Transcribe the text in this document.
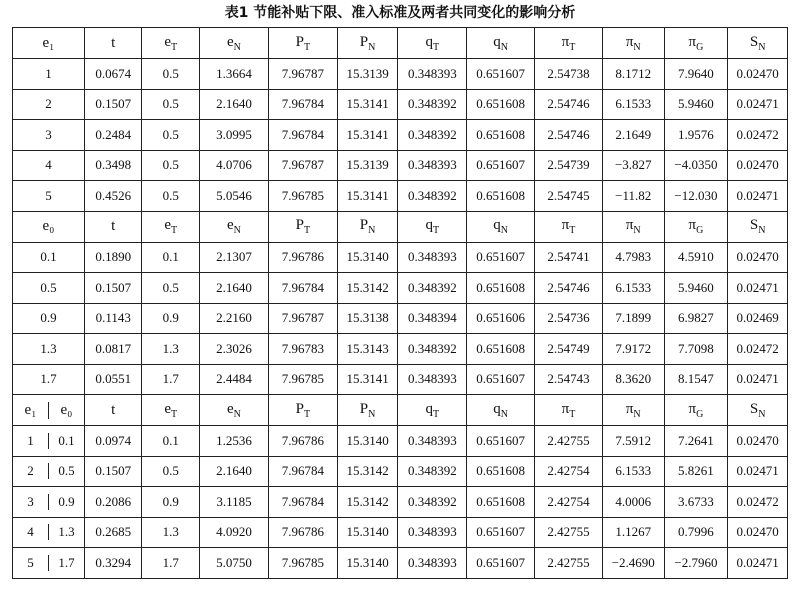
表1 节能补贴下限、准入标准及两者共同变化的影响分析
e₁	t	$e_T$	$e_N$	$P_T$	$P_N$	$q_T$	$q_N$	$\pi_T$	$\pi_N$	$\pi_G$	$S_N$
1	0.0674	0.5	1.3664	7.96787	15.3139	0.348393	0.651607	2.54738	8.1712	7.9640	0.02470
2	0.1507	0.5	2.1640	7.96784	15.3141	0.348392	0.651608	2.54746	6.1533	5.9460	0.02471
3	0.2484	0.5	3.0995	7.96784	15.3141	0.348392	0.651608	2.54746	2.1649	1.9576	0.02472
4	0.3498	0.5	4.0706	7.96787	15.3139	0.348393	0.651607	2.54739	−3.827	−4.0350	0.02470
5	0.4526	0.5	5.0546	7.96785	15.3141	0.348392	0.651608	2.54745	−11.82	−12.030	0.02471
e₀	t	$e_T$	$e_N$	$P_T$	$P_N$	$q_T$	$q_N$	$\pi_T$	$\pi_N$	$\pi_G$	$S_N$
0.1	0.1890	0.1	2.1307	7.96786	15.3140	0.348393	0.651607	2.54741	4.7983	4.5910	0.02470
0.5	0.1507	0.5	2.1640	7.96784	15.3142	0.348392	0.651608	2.54746	6.1533	5.9460	0.02471
0.9	0.1143	0.9	2.2160	7.96787	15.3138	0.348394	0.651606	2.54736	7.1899	6.9827	0.02469
1.3	0.0817	1.3	2.3026	7.96783	15.3143	0.348392	0.651608	2.54749	7.9172	7.7098	0.02472
1.7	0.0551	1.7	2.4484	7.96785	15.3141	0.348393	0.651607	2.54743	8.3620	8.1547	0.02471

e₁ e₀	t	$e_T$	$e_N$	$P_T$	$P_N$	$q_T$	$q_N$	$\pi_T$	$\pi_N$	$\pi_G$	$S_N$

1 0.1	0.0974	0.1	1.2536	7.96786	15.3140	0.348393	0.651607	2.42755	7.5912	7.2641	0.02470

2 0.5	0.1507	0.5	2.1640	7.96784	15.3142	0.348392	0.651608	2.42754	6.1533	5.8261	0.02471

3 0.9	0.2086	0.9	3.1185	7.96784	15.3142	0.348392	0.651608	2.42754	4.0006	3.6733	0.02472

4 1.3	0.2685	1.3	4.0920	7.96786	15.3140	0.348393	0.651607	2.42755	1.1267	0.7996	0.02470

5 1.7	0.3294	1.7	5.0750	7.96785	15.3140	0.348393	0.651607	2.42755	−2.4690	−2.7960	0.02471
